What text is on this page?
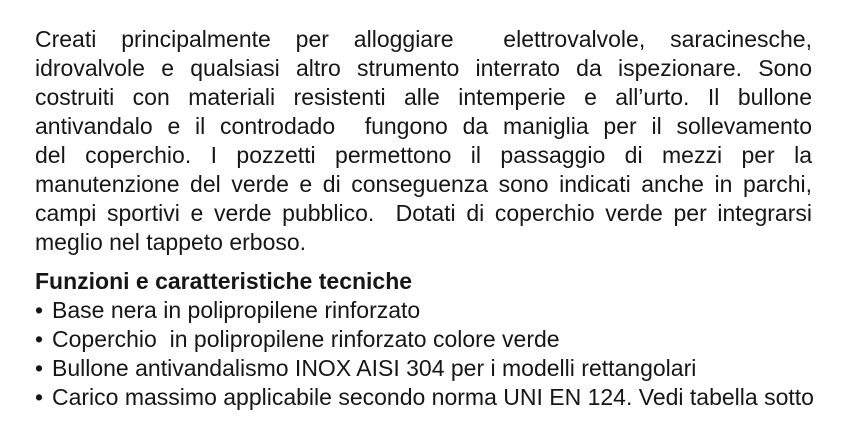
Creati principalmente per alloggiare  elettrovalvole, saracinesche,
idrovalvole e qualsiasi altro strumento interrato da ispezionare. Sono
costruiti con materiali resistenti alle intemperie e all’urto. Il bullone
antivandalo e il controdado  fungono da maniglia per il sollevamento
del coperchio. I pozzetti permettono il passaggio di mezzi per la
manutenzione del verde e di conseguenza sono indicati anche in parchi,
campi sportivi e verde pubblico.  Dotati di coperchio verde per integrarsi
meglio nel tappeto erboso.

Funzioni e caratteristiche tecniche
• Base nera in polipropilene rinforzato
• Coperchio  in polipropilene rinforzato colore verde
• Bullone antivandalismo INOX AISI 304 per i modelli rettangolari
• Carico massimo applicabile secondo norma UNI EN 124. Vedi tabella sotto
